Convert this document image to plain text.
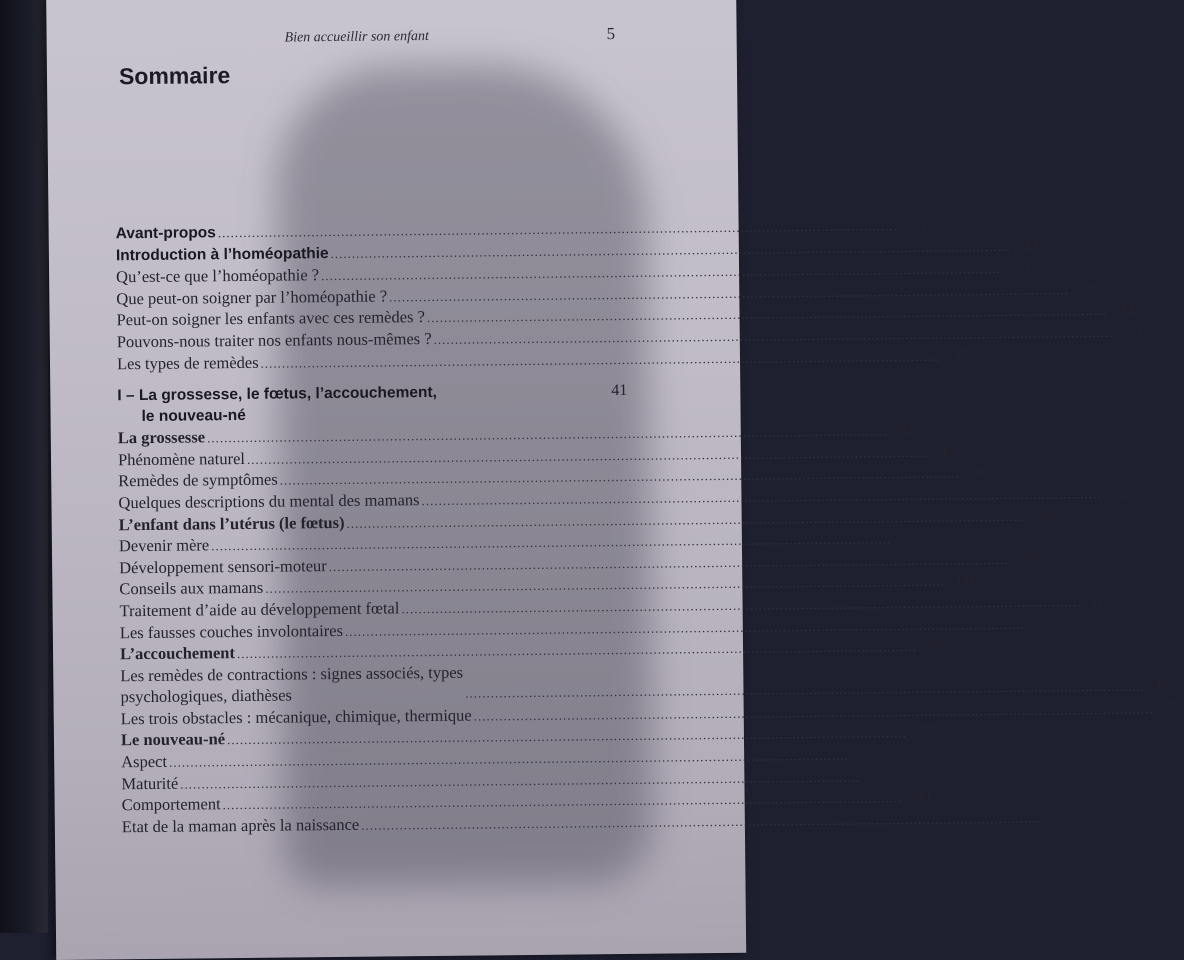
Bien accueillir son enfant	5
Sommaire
Avant-propos ................................................................................................................................................................ 15
Introduction à l’homéopathie ................................................................................................................................................................ 23
Qu’est-ce que l’homéopathie ? ................................................................................................................................................................ 23
Que peut-on soigner par l’homéopathie ? ................................................................................................................................................................ 28
Peut-on soigner les enfants avec ces remèdes ? ................................................................................................................................................................ 32
Pouvons-nous traiter nos enfants nous-mêmes ? ................................................................................................................................................................ 34
Les types de remèdes ................................................................................................................................................................ 37
I – La grossesse, le fœtus, l’accouchement,
le nouveau-né
41
La grossesse ................................................................................................................................................................ 42
Phénomène naturel ................................................................................................................................................................ 42
Remèdes de symptômes ................................................................................................................................................................ 46
Quelques descriptions du mental des mamans ................................................................................................................................................................ 52
L’enfant dans l’utérus (le fœtus) ................................................................................................................................................................ 58
Devenir mère ................................................................................................................................................................ 58
Développement sensori-moteur ................................................................................................................................................................ 59
Conseils aux mamans ................................................................................................................................................................ 60
Traitement d’aide au développement fœtal ................................................................................................................................................................ 61
Les fausses couches involontaires ................................................................................................................................................................ 63
L’accouchement ................................................................................................................................................................ 65
Les remèdes de contractions : signes associés, types
psychologiques, diathèses	................................................................................................................................................................ 65
Les trois obstacles : mécanique, chimique, thermique ................................................................................................................................................................ 72
Le nouveau-né ................................................................................................................................................................ 77
Aspect ................................................................................................................................................................ 77
Maturité ................................................................................................................................................................ 88
Comportement ................................................................................................................................................................ 90
Etat de la maman après la naissance ................................................................................................................................................................ 97
